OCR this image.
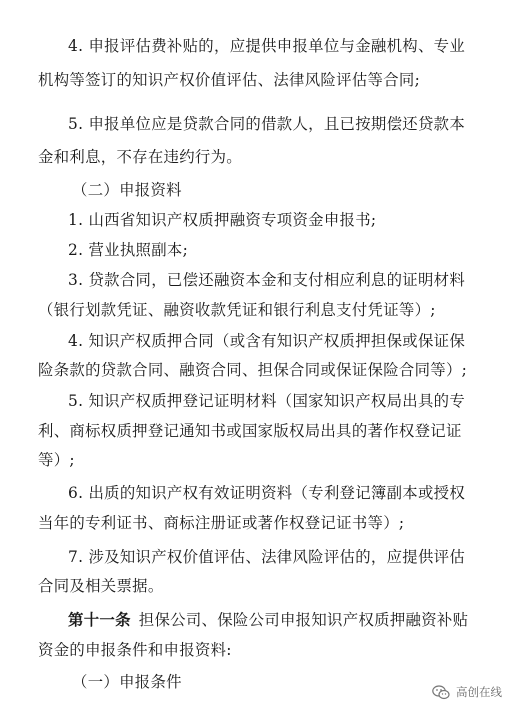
4. 申报评估费补贴的，应提供申报单位与金融机构、专业
机构等签订的知识产权价值评估、法律风险评估等合同;
5. 申报单位应是贷款合同的借款人，且已按期偿还贷款本
金和利息，不存在违约行为。
（二）申报资料
1. 山西省知识产权质押融资专项资金申报书;
2. 营业执照副本;
3. 贷款合同，已偿还融资本金和支付相应利息的证明材料
（银行划款凭证、融资收款凭证和银行利息支付凭证等）;
4. 知识产权质押合同（或含有知识产权质押担保或保证保
险条款的贷款合同、融资合同、担保合同或保证保险合同等）;
5. 知识产权质押登记证明材料（国家知识产权局出具的专
利、商标权质押登记通知书或国家版权局出具的著作权登记证
等）;
6. 出质的知识产权有效证明资料（专利登记簿副本或授权
当年的专利证书、商标注册证或著作权登记证书等）;
7. 涉及知识产权价值评估、法律风险评估的，应提供评估
合同及相关票据。
第十一条  担保公司、保险公司申报知识产权质押融资补贴
资金的申报条件和申报资料:
（一）申报条件
高创在线
